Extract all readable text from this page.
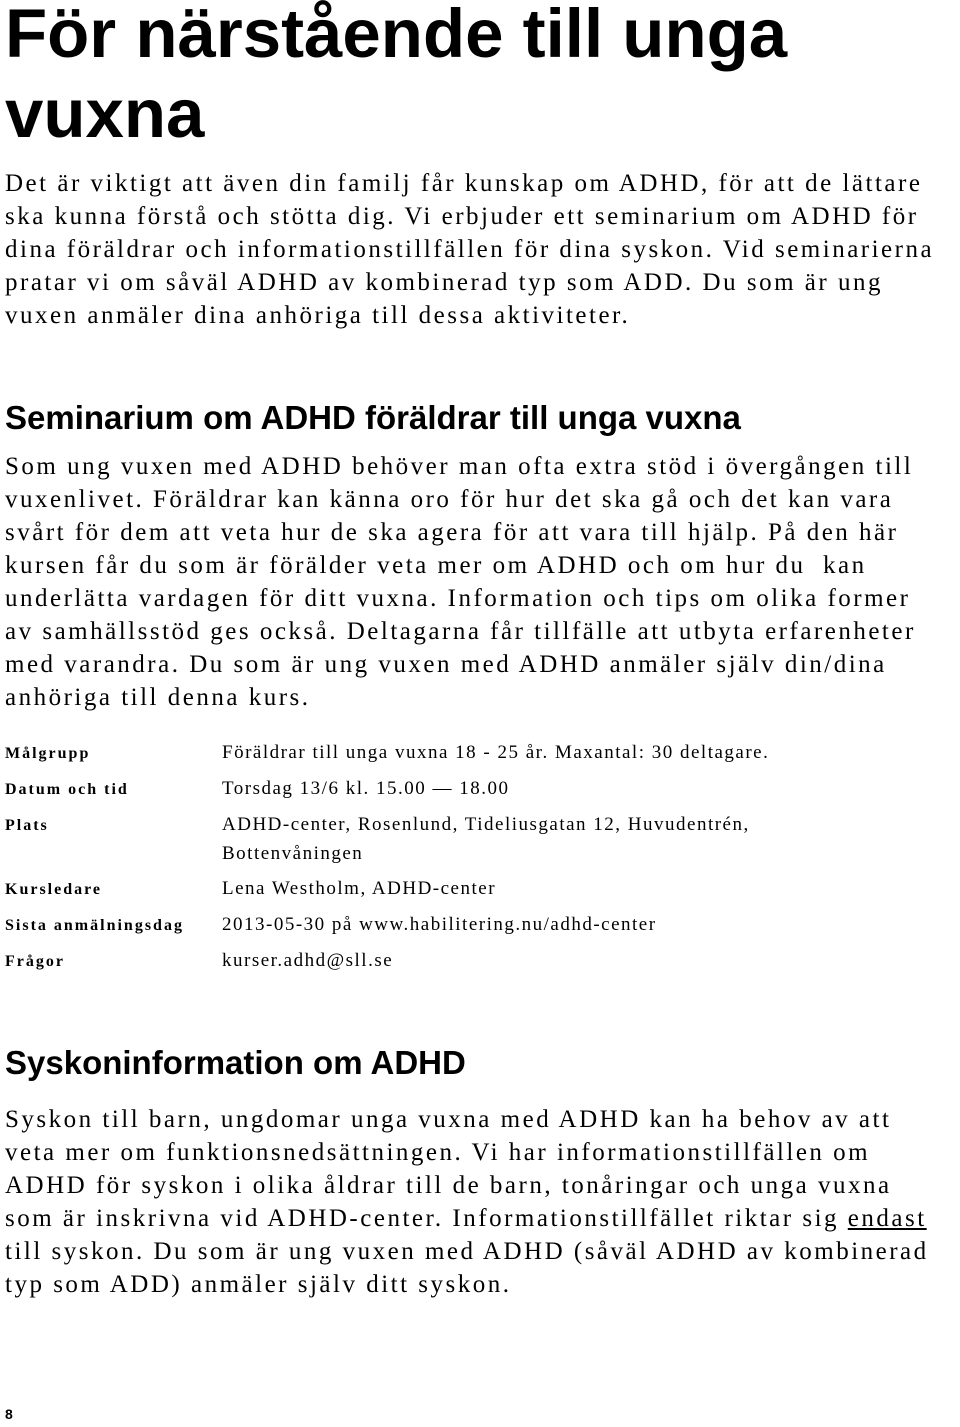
För närstående till unga
vuxna
Det är viktigt att även din familj får kunskap om ADHD, för att de lättare
ska kunna förstå och stötta dig. Vi erbjuder ett seminarium om ADHD för
dina föräldrar och informationstillfällen för dina syskon. Vid seminarierna
pratar vi om såväl ADHD av kombinerad typ som ADD. Du som är ung
vuxen anmäler dina anhöriga till dessa aktiviteter.
Seminarium om ADHD föräldrar till unga vuxna
Som ung vuxen med ADHD behöver man ofta extra stöd i övergången till
vuxenlivet. Föräldrar kan känna oro för hur det ska gå och det kan vara
svårt för dem att veta hur de ska agera för att vara till hjälp. På den här
kursen får du som är förälder veta mer om ADHD och om hur du  kan
underlätta vardagen för ditt vuxna. Information och tips om olika former
av samhällsstöd ges också. Deltagarna får tillfälle att utbyta erfarenheter
med varandra. Du som är ung vuxen med ADHD anmäler själv din/dina
anhöriga till denna kurs.
Målgrupp	Föräldrar till unga vuxna 18 - 25 år. Maxantal: 30 deltagare.
Datum och tid	Torsdag 13/6 kl. 15.00 — 18.00
Plats	ADHD-center, Rosenlund, Tideliusgatan 12, Huvudentrén,
Bottenvåningen
Kursledare	Lena Westholm, ADHD-center
Sista anmälningsdag	2013-05-30 på www.habilitering.nu/adhd-center
Frågor	kurser.adhd@sll.se
Syskoninformation om ADHD
Syskon till barn, ungdomar unga vuxna med ADHD kan ha behov av att
veta mer om funktionsnedsättningen. Vi har informationstillfällen om
ADHD för syskon i olika åldrar till de barn, tonåringar och unga vuxna
som är inskrivna vid ADHD-center. Informationstillfället riktar sig endast
till syskon. Du som är ung vuxen med ADHD (såväl ADHD av kombinerad
typ som ADD) anmäler själv ditt syskon.
8
